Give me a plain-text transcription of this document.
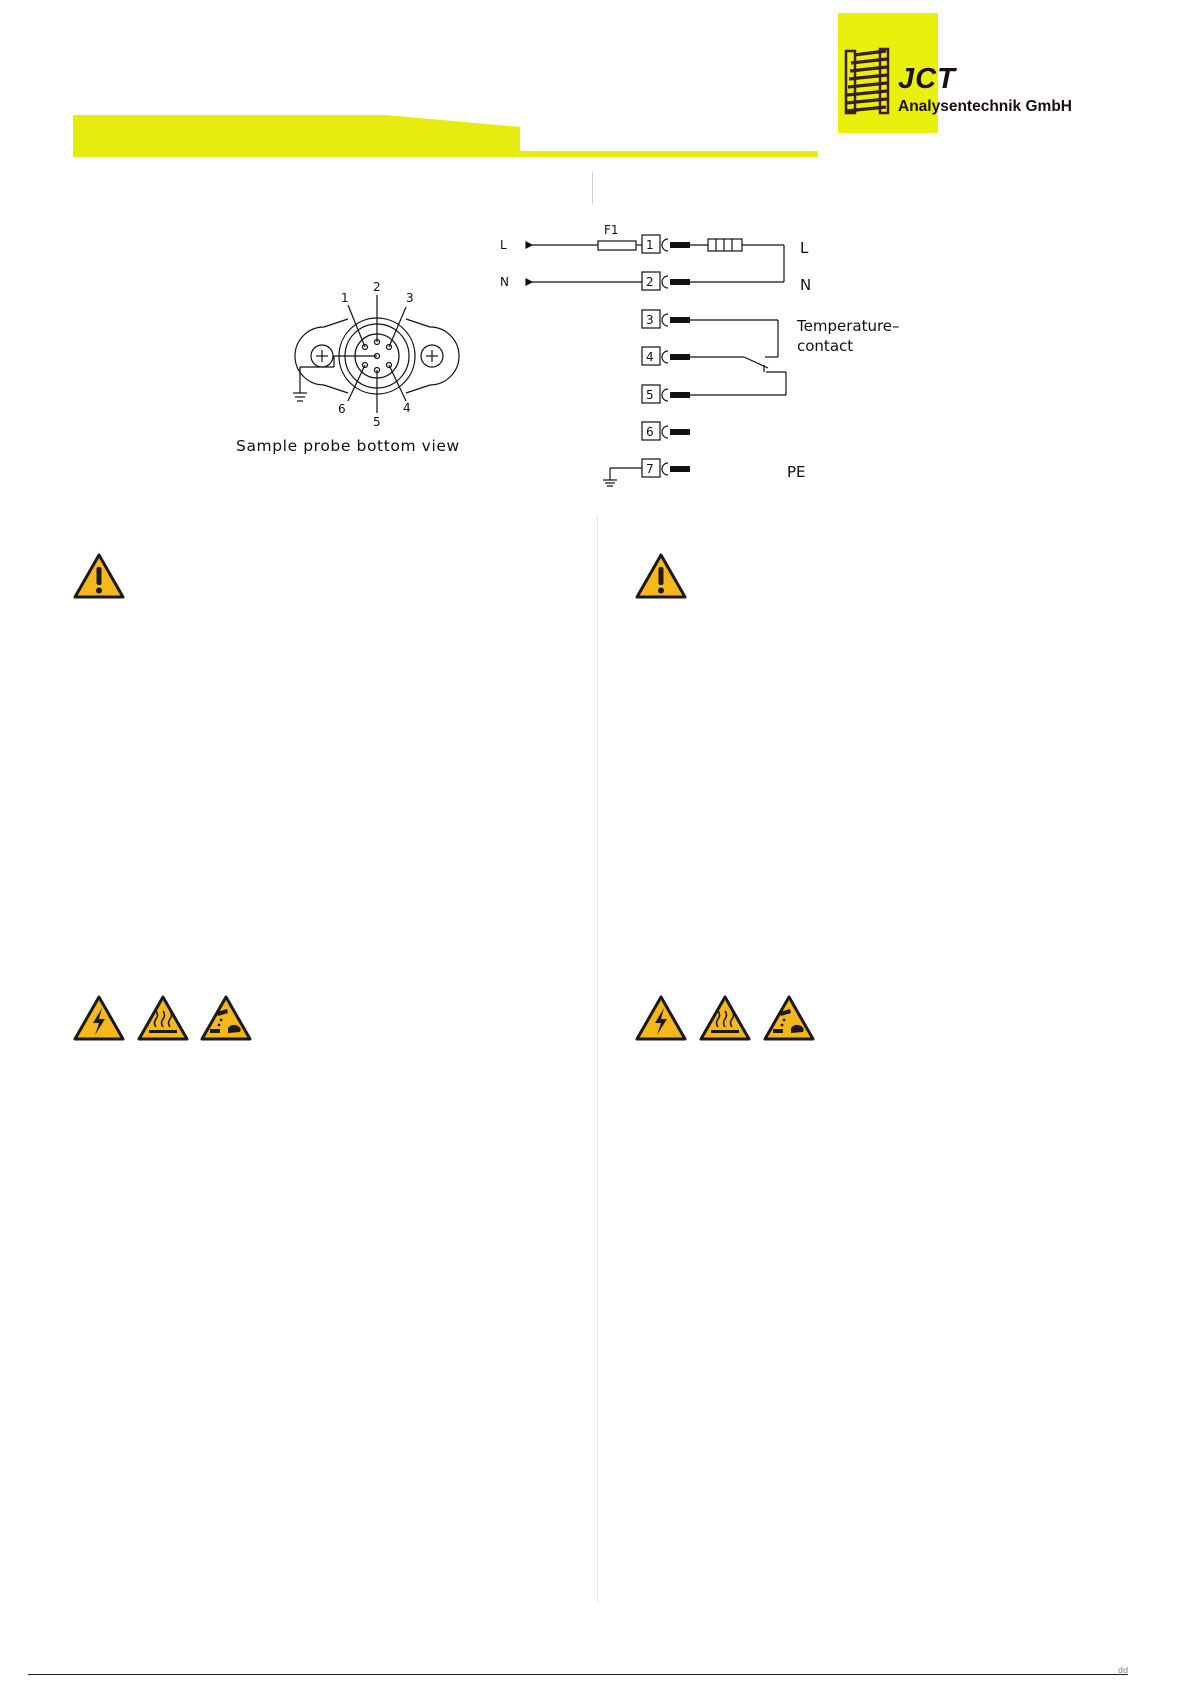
JCT
Analysentechnik GmbH
2
1	3
4
5
6
Sample probe bottom view
L
N
F1
1
2
3
4
5
6
7
L
N
Temperature–
contact
PE
dd
